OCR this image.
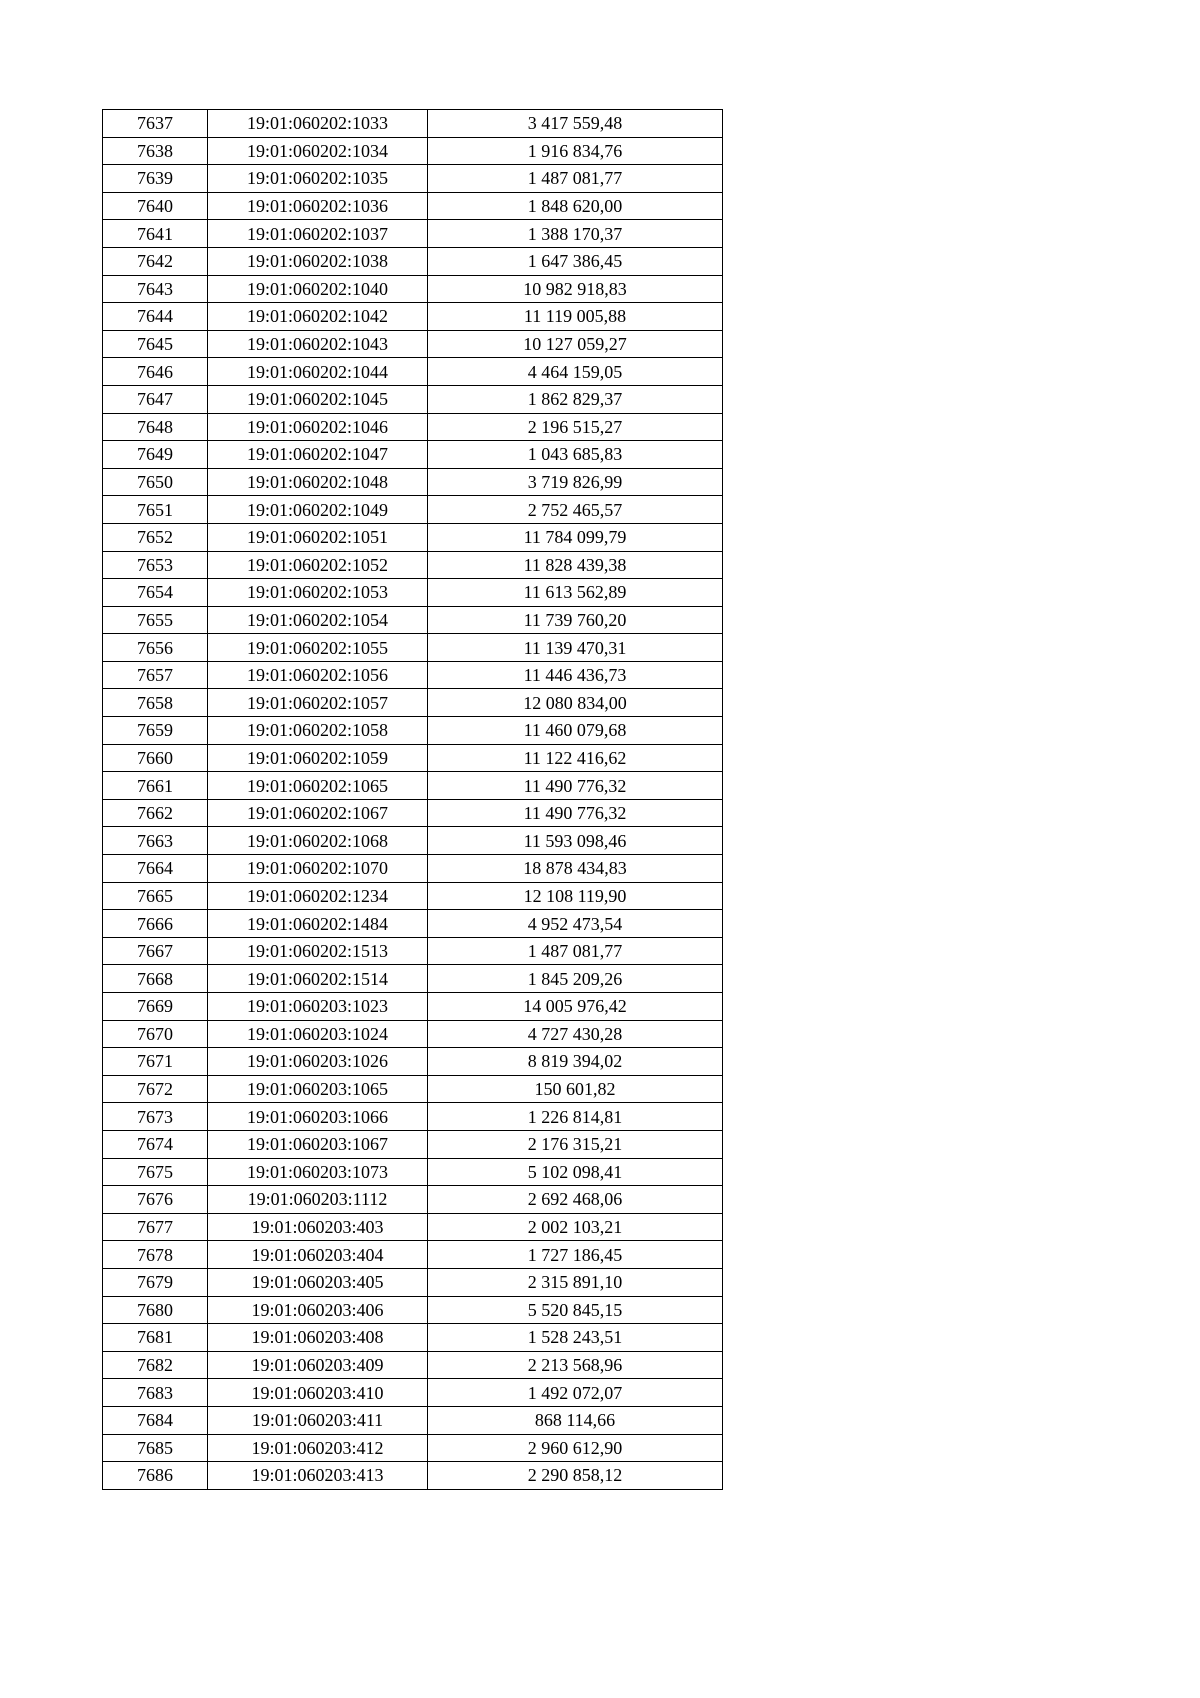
7637	19:01:060202:1033	3 417 559,48
7638	19:01:060202:1034	1 916 834,76
7639	19:01:060202:1035	1 487 081,77
7640	19:01:060202:1036	1 848 620,00
7641	19:01:060202:1037	1 388 170,37
7642	19:01:060202:1038	1 647 386,45
7643	19:01:060202:1040	10 982 918,83
7644	19:01:060202:1042	11 119 005,88
7645	19:01:060202:1043	10 127 059,27
7646	19:01:060202:1044	4 464 159,05
7647	19:01:060202:1045	1 862 829,37
7648	19:01:060202:1046	2 196 515,27
7649	19:01:060202:1047	1 043 685,83
7650	19:01:060202:1048	3 719 826,99
7651	19:01:060202:1049	2 752 465,57
7652	19:01:060202:1051	11 784 099,79
7653	19:01:060202:1052	11 828 439,38
7654	19:01:060202:1053	11 613 562,89
7655	19:01:060202:1054	11 739 760,20
7656	19:01:060202:1055	11 139 470,31
7657	19:01:060202:1056	11 446 436,73
7658	19:01:060202:1057	12 080 834,00
7659	19:01:060202:1058	11 460 079,68
7660	19:01:060202:1059	11 122 416,62
7661	19:01:060202:1065	11 490 776,32
7662	19:01:060202:1067	11 490 776,32
7663	19:01:060202:1068	11 593 098,46
7664	19:01:060202:1070	18 878 434,83
7665	19:01:060202:1234	12 108 119,90
7666	19:01:060202:1484	4 952 473,54
7667	19:01:060202:1513	1 487 081,77
7668	19:01:060202:1514	1 845 209,26
7669	19:01:060203:1023	14 005 976,42
7670	19:01:060203:1024	4 727 430,28
7671	19:01:060203:1026	8 819 394,02
7672	19:01:060203:1065	150 601,82
7673	19:01:060203:1066	1 226 814,81
7674	19:01:060203:1067	2 176 315,21
7675	19:01:060203:1073	5 102 098,41
7676	19:01:060203:1112	2 692 468,06
7677	19:01:060203:403	2 002 103,21
7678	19:01:060203:404	1 727 186,45
7679	19:01:060203:405	2 315 891,10
7680	19:01:060203:406	5 520 845,15
7681	19:01:060203:408	1 528 243,51
7682	19:01:060203:409	2 213 568,96
7683	19:01:060203:410	1 492 072,07
7684	19:01:060203:411	868 114,66
7685	19:01:060203:412	2 960 612,90
7686	19:01:060203:413	2 290 858,12
